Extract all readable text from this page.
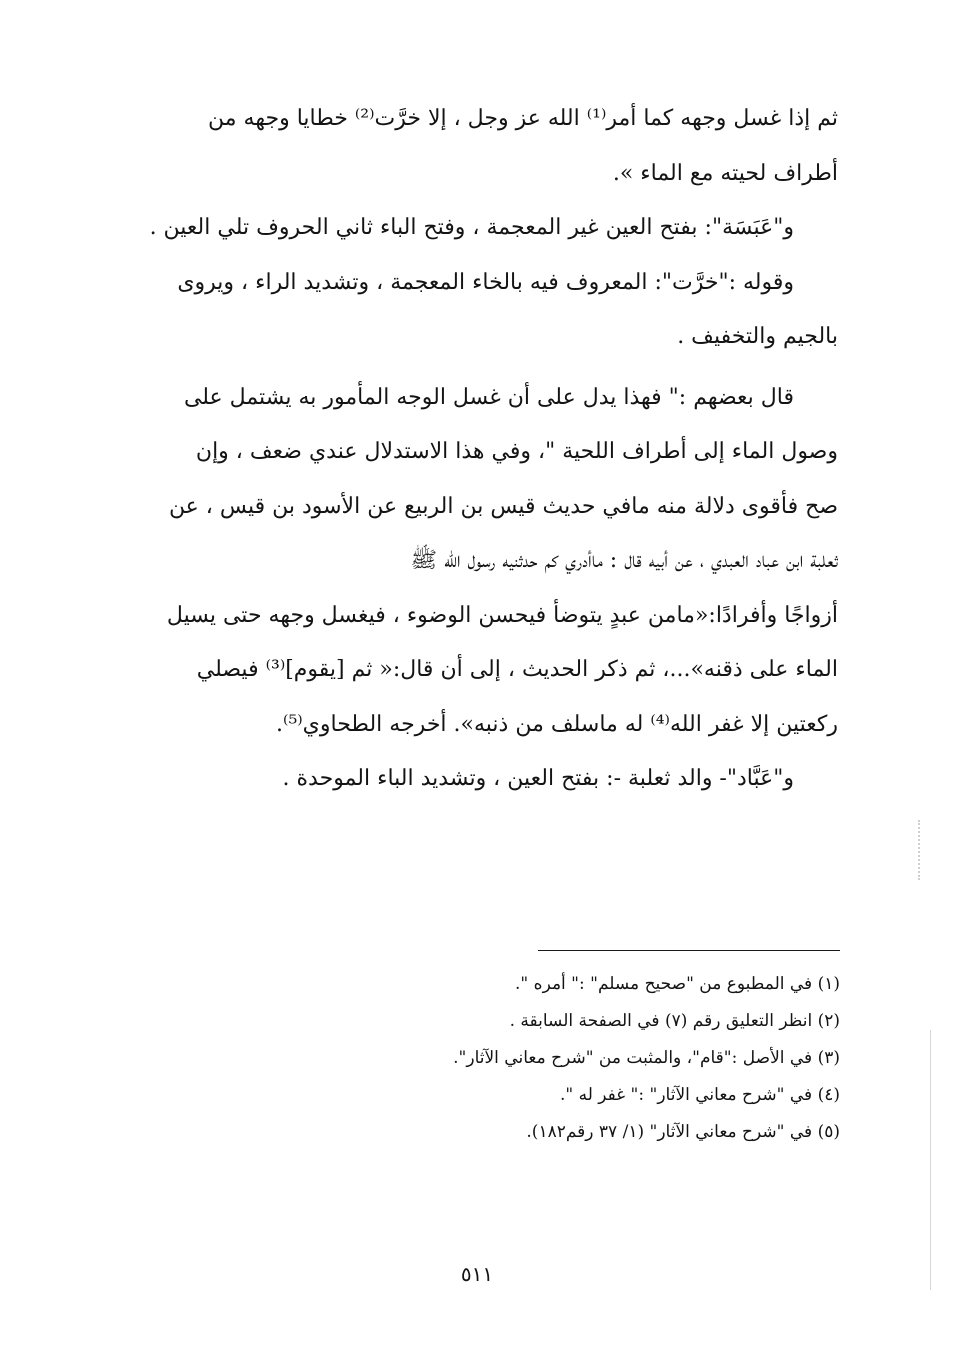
ثم إذا غسل وجهه كما أمر⁽¹⁾ الله عز وجل ، إلا خرَّت⁽²⁾ خطايا وجهه من
أطراف لحيته مع الماء ».
و"عَبَسَة": بفتح العين غير المعجمة ، وفتح الباء ثاني الحروف تلي العين .
وقوله :"خرَّت": المعروف فيه بالخاء المعجمة ، وتشديد الراء ، ويروى
بالجيم والتخفيف .
قال بعضهم :" فهذا يدل على أن غسل الوجه المأمور به يشتمل على
وصول الماء إلى أطراف اللحية "، وفي هذا الاستدلال عندي ضعف ، وإن
صح فأقوى دلالة منه مافي حديث قيس بن الربيع عن الأسود بن قيس ، عن
ثعلبة ابن عباد العبدي ، عن أبيه قال : ماأدري كم حدثنيه رسول الله ﷺ
أزواجًا وأفرادًا:«مامن عبدٍ يتوضأ فيحسن الوضوء ، فيغسل وجهه حتى يسيل
الماء على ذقنه»...، ثم ذكر الحديث ، إلى أن قال:« ثم [يقوم]⁽³⁾ فيصلي
ركعتين إلا غفر الله⁽⁴⁾ له ماسلف من ذنبه». أخرجه الطحاوي⁽⁵⁾.
و"عَبَّاد"- والد ثعلبة -: بفتح العين ، وتشديد الباء الموحدة .
(١) في المطبوع من "صحيح مسلم" :" أمره ".
(٢) انظر التعليق رقم (٧) في الصفحة السابقة .
(٣) في الأصل :"قام"، والمثبت من "شرح معاني الآثار".
(٤) في "شرح معاني الآثار" :" غفر له ".
(٥) في "شرح معاني الآثار" (١/ ٣٧ رقم١٨٢).
٥١١
